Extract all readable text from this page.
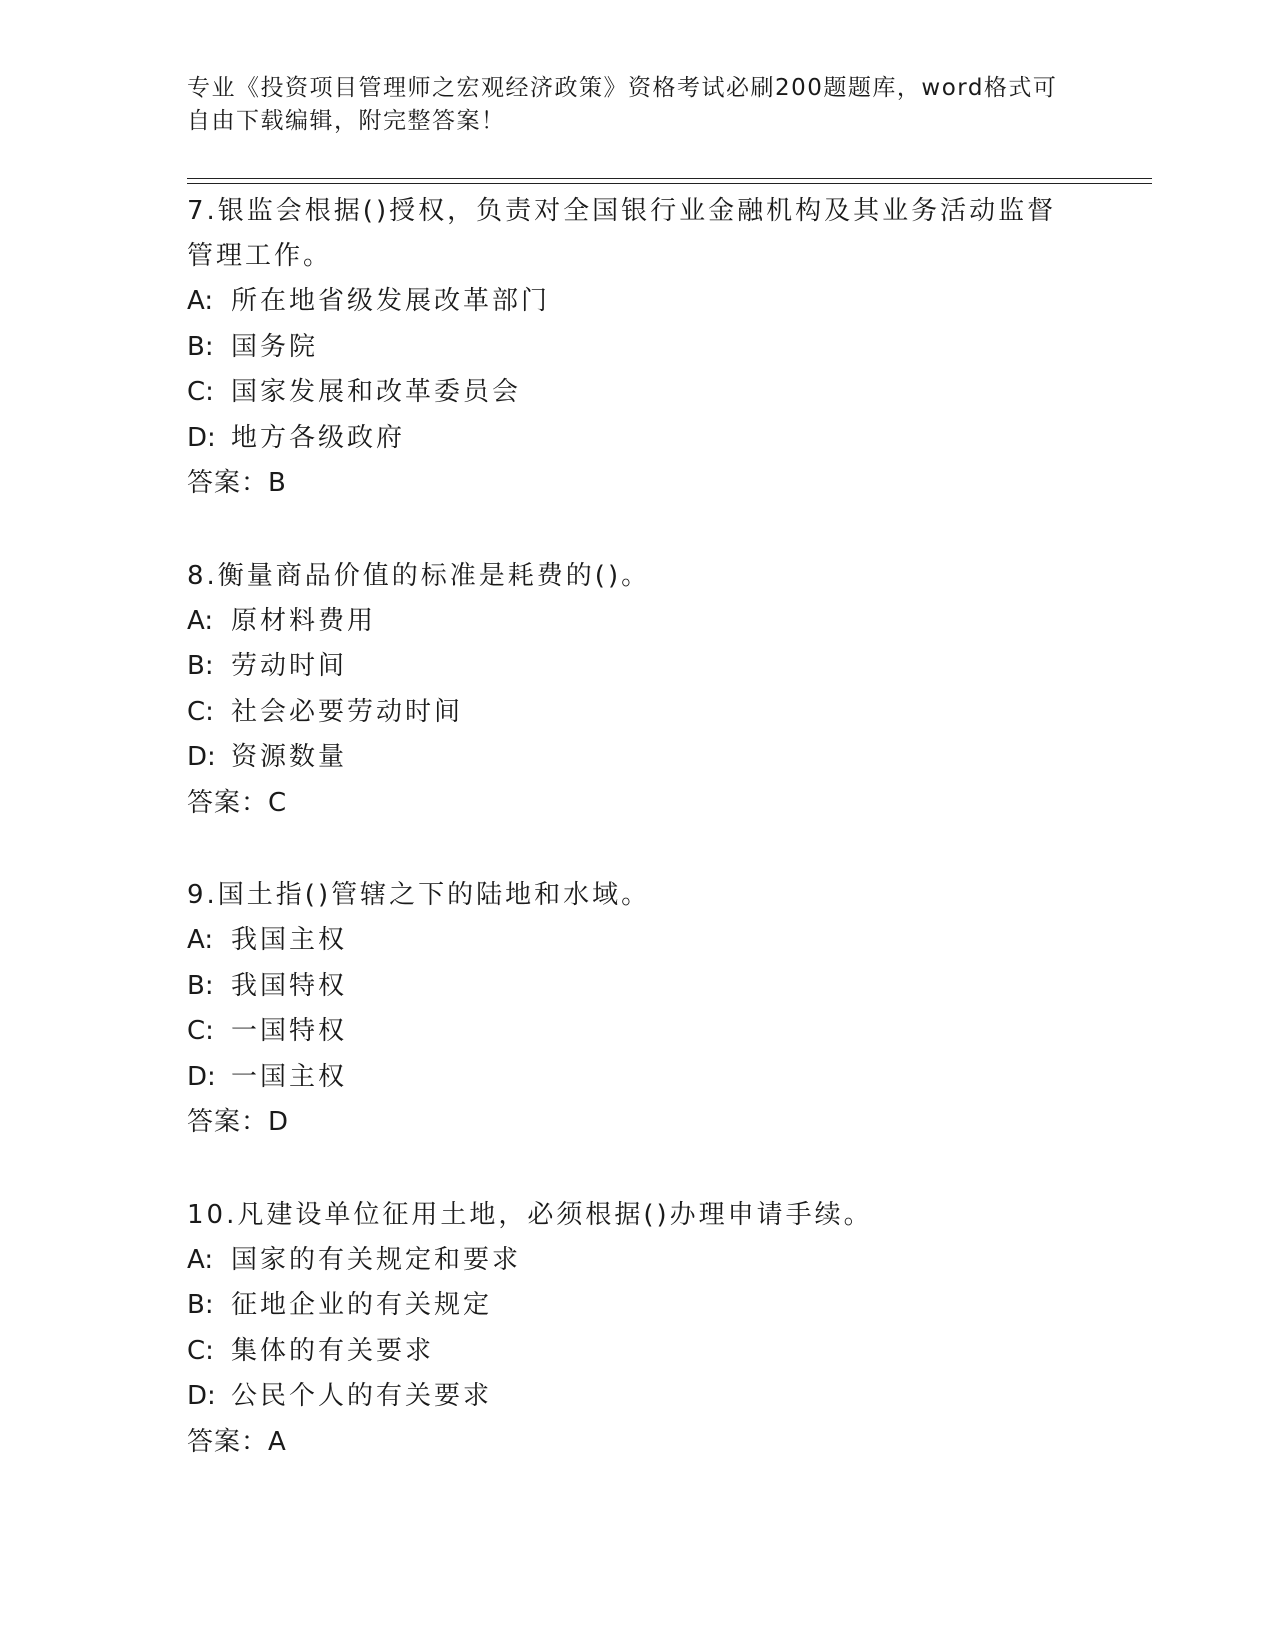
专业《投资项目管理师之宏观经济政策》资格考试必刷200题题库，word格式可
自由下载编辑，附完整答案！
7.银监会根据()授权，负责对全国银行业金融机构及其业务活动监督
管理工作。
A: 所在地省级发展改革部门
B: 国务院
C: 国家发展和改革委员会
D: 地方各级政府
答案：B
8.衡量商品价值的标准是耗费的()。
A: 原材料费用
B: 劳动时间
C: 社会必要劳动时间
D: 资源数量
答案：C
9.国土指()管辖之下的陆地和水域。
A: 我国主权
B: 我国特权
C: 一国特权
D: 一国主权
答案：D
10.凡建设单位征用土地，必须根据()办理申请手续。
A: 国家的有关规定和要求
B: 征地企业的有关规定
C: 集体的有关要求
D: 公民个人的有关要求
答案：A
